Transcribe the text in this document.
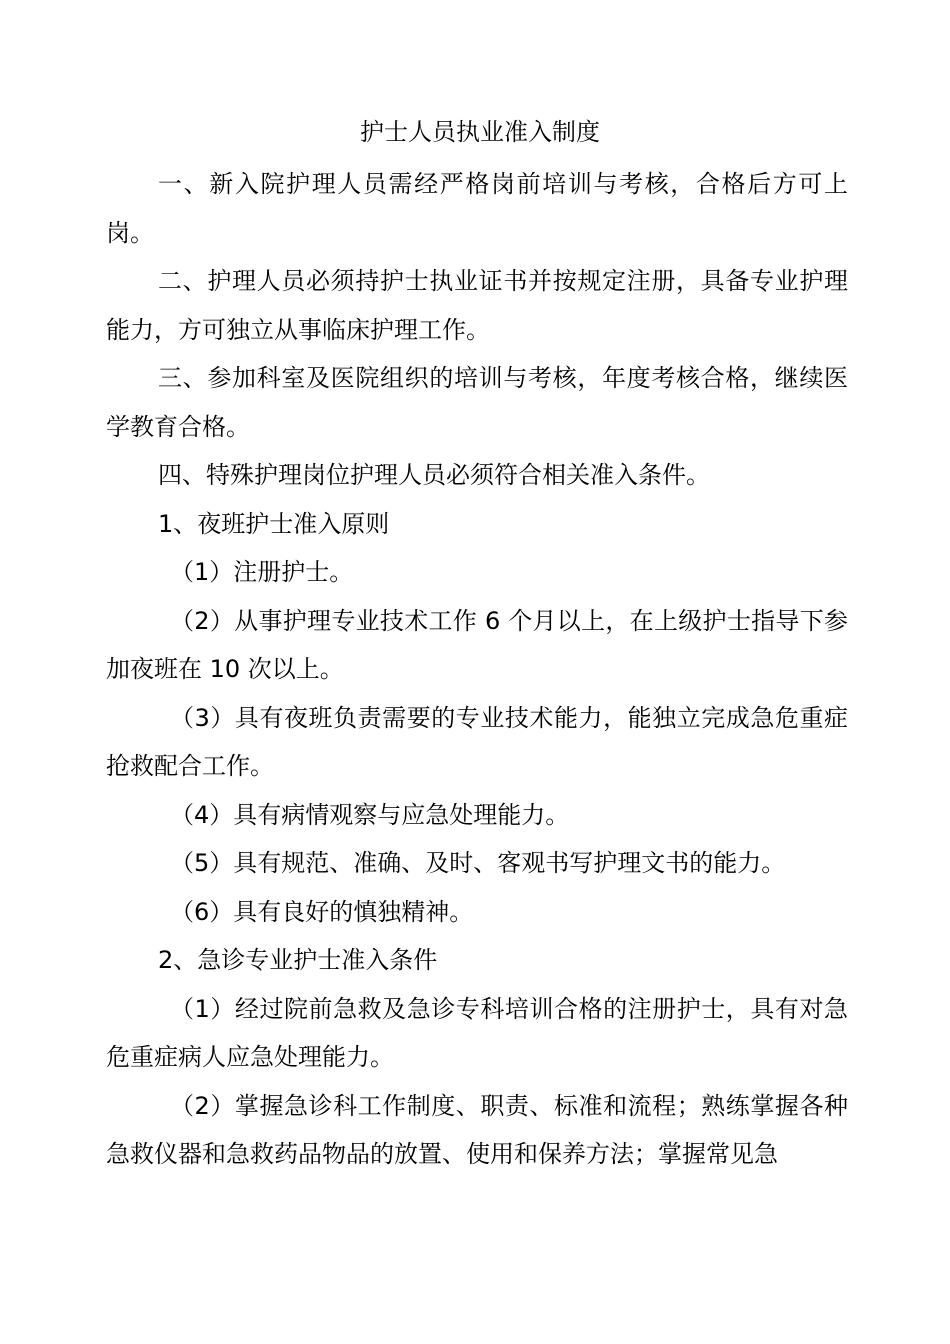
护士人员执业准入制度

一、新入院护理人员需经严格岗前培训与考核，合格后方可上岗。

二、护理人员必须持护士执业证书并按规定注册，具备专业护理能力，方可独立从事临床护理工作。

三、参加科室及医院组织的培训与考核，年度考核合格，继续医学教育合格。

四、特殊护理岗位护理人员必须符合相关准入条件。

1、夜班护士准入原则

（1）注册护士。

（2）从事护理专业技术工作 6 个月以上，在上级护士指导下参加夜班在 10 次以上。

（3）具有夜班负责需要的专业技术能力，能独立完成急危重症抢救配合工作。

（4）具有病情观察与应急处理能力。

（5）具有规范、准确、及时、客观书写护理文书的能力。

（6）具有良好的慎独精神。

2、急诊专业护士准入条件

（1）经过院前急救及急诊专科培训合格的注册护士，具有对急危重症病人应急处理能力。

（2）掌握急诊科工作制度、职责、标准和流程；熟练掌握各种急救仪器和急救药品物品的放置、使用和保养方法；掌握常见急
